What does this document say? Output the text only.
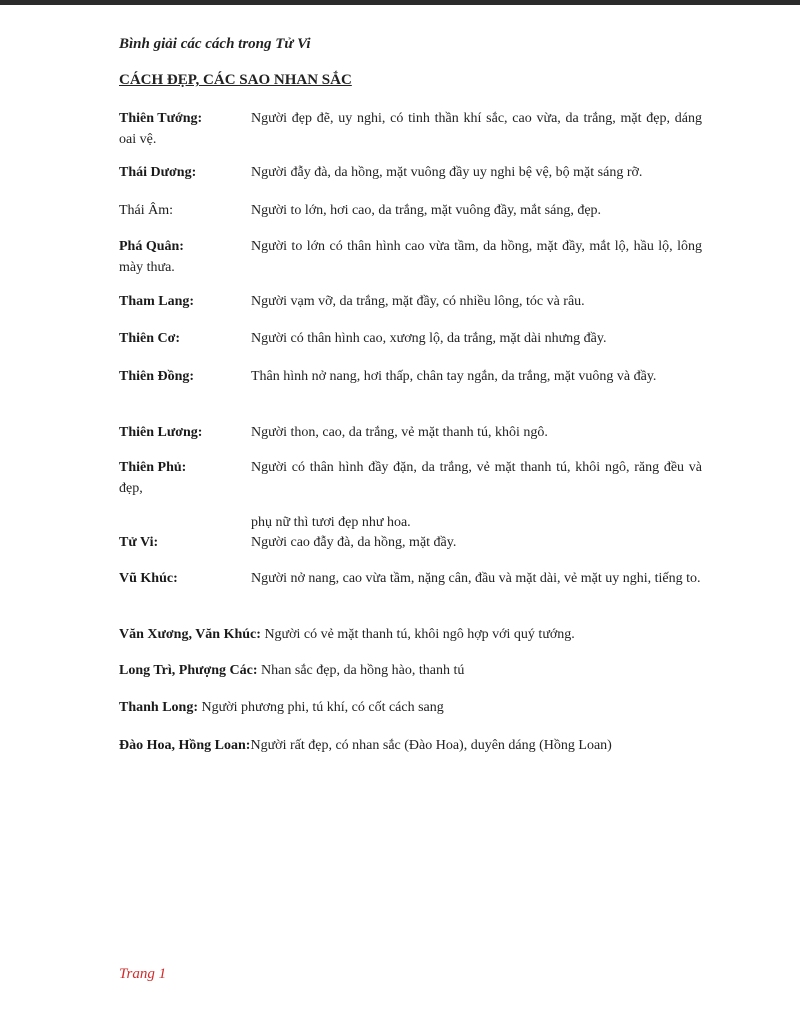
Bình giải các cách trong Tử Vi
CÁCH ĐẸP, CÁC SAO NHAN SẮC
Thiên Tướng:	Người đẹp đẽ, uy nghi, có tinh thần khí sắc, cao vừa, da trắng, mặt đẹp, dáng oai vệ.
Thái Dương:	Người đẫy đà, da hồng, mặt vuông đầy uy nghi bệ vệ, bộ mặt sáng rỡ.
Thái Âm:	Người to lớn, hơi cao, da trắng, mặt vuông đầy, mắt sáng, đẹp.
Phá Quân:	Người to lớn có thân hình cao vừa tầm, da hồng, mặt đầy, mắt lộ, hầu lộ, lông mày thưa.
Tham Lang:	Người vạm vỡ, da trắng, mặt đầy, có nhiều lông, tóc và râu.
Thiên Cơ:	Người có thân hình cao, xương lộ, da trắng, mặt dài nhưng đầy.
Thiên Đồng:	Thân hình nở nang, hơi thấp, chân tay ngắn, da trắng, mặt vuông và đầy.
Thiên Lương:	Người thon, cao, da trắng, vẻ mặt thanh tú, khôi ngô.
Thiên Phủ:	Người có thân hình đầy đặn, da trắng, vẻ mặt thanh tú, khôi ngô, răng đều và đẹp,
phụ nữ thì tươi đẹp như hoa.
Tử Vi:	Người cao đẫy đà, da hồng, mặt đầy.
Vũ Khúc:	Người nở nang, cao vừa tầm, nặng cân, đầu và mặt dài, vẻ mặt uy nghi, tiếng to.
Văn Xương, Văn Khúc: Người có vẻ mặt thanh tú, khôi ngô hợp với quý tướng.
Long Trì, Phượng Các: Nhan sắc đẹp, da hồng hào, thanh tú
Thanh Long: Người phương phi, tú khí, có cốt cách sang
Đào Hoa, Hồng Loan:Người rất đẹp, có nhan sắc (Đào Hoa), duyên dáng (Hồng Loan)
Trang 1
